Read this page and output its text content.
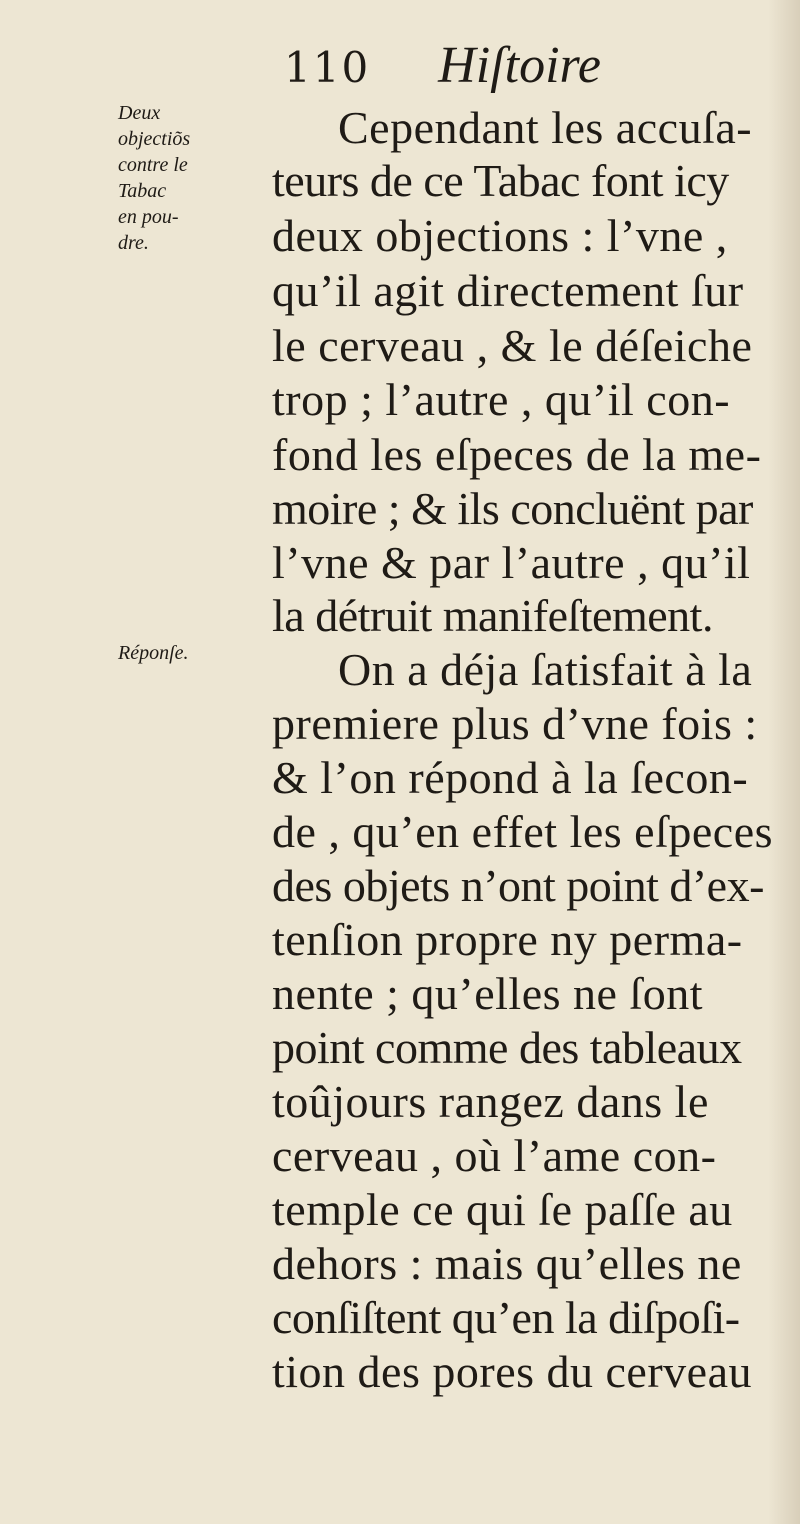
110 Hiſtoire
Deux
objectiõs
contre le
Tabac
en pou-
dre.
Réponſe.
Cependant les accuſa-
teurs de ce Tabac font icy
deux objections : l’vne ,
qu’il agit directement ſur
le cerveau , & le déſeiche
trop ; l’autre , qu’il con-
fond les eſpeces de la me-
moire ; & ils concluënt par
l’vne & par l’autre , qu’il
la détruit manifeſtement.
On a déja ſatisfait à la
premiere plus d’vne fois :
& l’on répond à la ſecon-
de , qu’en effet les eſpeces
des objets n’ont point d’ex-
tenſion propre ny perma-
nente ; qu’elles ne ſont
point comme des tableaux
toûjours rangez dans le
cerveau , où l’ame con-
temple ce qui ſe paſſe au
dehors : mais qu’elles ne
conſiſtent qu’en la diſpoſi-
tion des pores du cerveau
